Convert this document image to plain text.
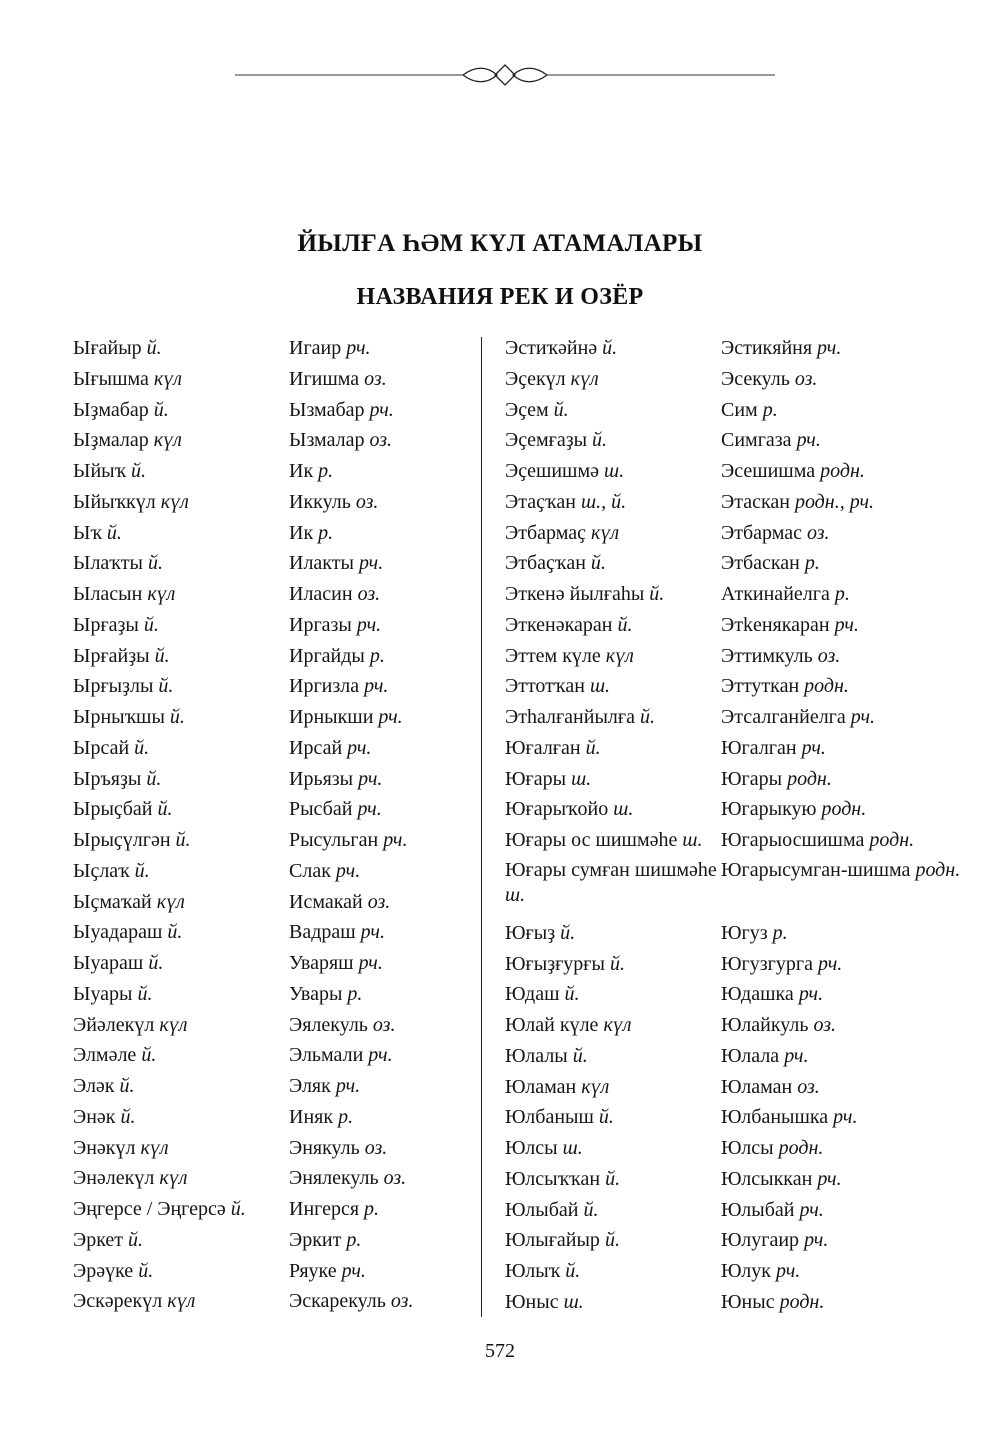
ЙЫЛҒА ҺӘМ КҮЛ АТАМАЛАРЫ
НАЗВАНИЯ РЕК И ОЗЁР
Ығайыр й.
Ығышма күл
Ыҙмабар й.
Ыҙмалар күл
Ыйыҡ й.
Ыйыҡкүл күл
Ыҡ й.
Ылаҡты й.
Ыласын күл
Ырғаҙы й.
Ырғайҙы й.
Ырғыҙлы й.
Ырныҡшы й.
Ырсай й.
Ыръяҙы й.
Ырыҫбай й.
Ырыҫүлгән й.
Ыҫлаҡ й.
Ыҫмаҡай күл
Ыуадараш й.
Ыуараш й.
Ыуары й.
Эйәлекүл күл
Элмәле й.
Эләк й.
Энәк й.
Энәкүл күл
Энәлекүл күл
Эңгерсе / Эңгерсә й.
Эркет й.
Эрәүке й.
Эскәрекүл күл
Игаир рч.
Игишма оз.
Ызмабар рч.
Ызмалар оз.
Ик р.
Иккуль оз.
Ик р.
Илакты рч.
Иласин оз.
Иргазы рч.
Иргайды р.
Иргизла рч.
Ирныкши рч.
Ирсай рч.
Ирьязы рч.
Рысбай рч.
Рысульган рч.
Слак рч.
Исмакай оз.
Вадраш рч.
Уваряш рч.
Увары р.
Эялекуль оз.
Эльмали рч.
Эляк рч.
Иняк р.
Энякуль оз.
Энялекуль оз.
Ингерся р.
Эркит р.
Ряуке рч.
Эскарекуль оз.
Эстиҡәйнә й.
Эҫекүл күл
Эҫем й.
Эҫемғаҙы й.
Эҫешишмә ш.
Этаҫҡан ш., й.
Этбармаҫ күл
Этбаҫҡан й.
Эткенә йылғаһы й.
Эткенәкаран й.
Эттем күле күл
Эттотҡан ш.
Этһалғанйылға й.
Юғалған й.
Юғары ш.
Юғарыҡойо ш.
Юғары ос шишмәһе ш.
Юғары сумған шишмәһе ш.
Юғыҙ й.
Юғыҙғурғы й.
Юдаш й.
Юлай күле күл
Юлалы й.
Юламан күл
Юлбаныш й.
Юлсы ш.
Юлсыҡҡан й.
Юлыбай й.
Юлығайыр й.
Юлыҡ й.
Юныс ш.
Эстикяйня рч.
Эсекуль оз.
Сим р.
Симгаза рч.
Эсешишма родн.
Этаскан родн., рч.
Этбармас оз.
Этбаскан р.
Аткинайелга р.
Этkенякаран рч.
Эттимкуль оз.
Эттуткан родн.
Этсалганйелга рч.
Югалган рч.
Югары родн.
Югарыкую родн.
Югарыосшишма родн.
Югарысумган-шишма родн.
Югуз р.
Югузгурга рч.
Юдашка рч.
Юлайкуль оз.
Юлала рч.
Юламан оз.
Юлбанышка рч.
Юлсы родн.
Юлсыккан рч.
Юлыбай рч.
Юлугаир рч.
Юлук рч.
Юныс родн.
572
